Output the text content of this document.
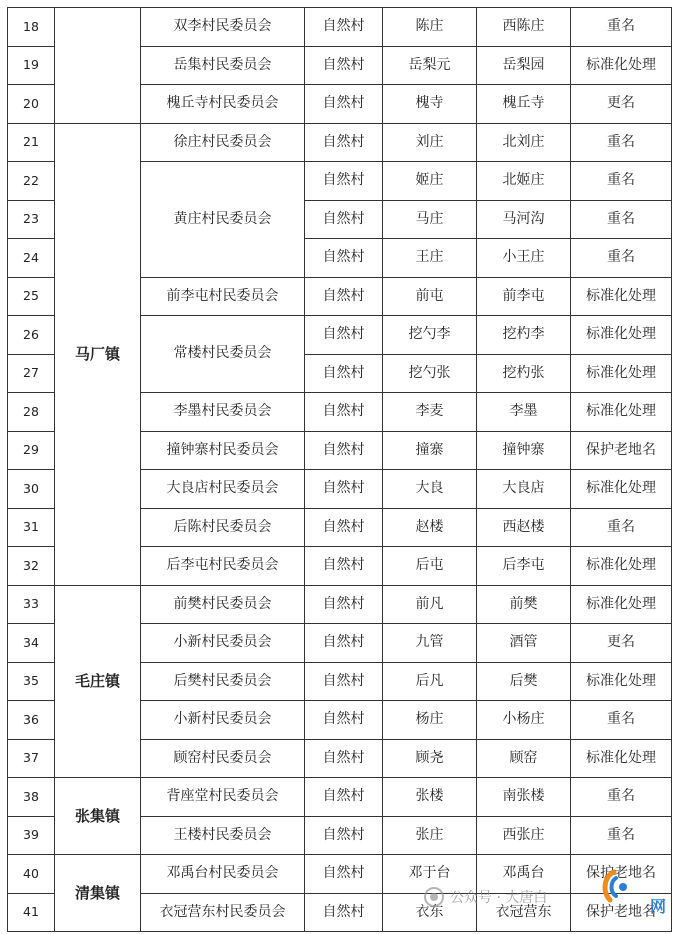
18		双李村民委员会	自然村	陈庄	西陈庄	重名
19		岳集村民委员会	自然村	岳梨元	岳梨园	标准化处理
20		槐丘寺村民委员会	自然村	槐寺	槐丘寺	更名
21	马厂镇	徐庄村民委员会	自然村	刘庄	北刘庄	重名
22		黄庄村民委员会	自然村	姬庄	北姬庄	重名
23			自然村	马庄	马河沟	重名
24			自然村	王庄	小王庄	重名
25		前李屯村民委员会	自然村	前屯	前李屯	标准化处理
26		常楼村民委员会	自然村	挖勺李	挖杓李	标准化处理
27			自然村	挖勺张	挖杓张	标准化处理
28		李墨村民委员会	自然村	李麦	李墨	标准化处理
29		撞钟寨村民委员会	自然村	撞寨	撞钟寨	保护老地名
30		大良店村民委员会	自然村	大良	大良店	标准化处理
31		后陈村民委员会	自然村	赵楼	西赵楼	重名
32		后李屯村民委员会	自然村	后屯	后李屯	标准化处理
33	毛庄镇	前樊村民委员会	自然村	前凡	前樊	标准化处理
34		小新村民委员会	自然村	九管	酒管	更名
35		后樊村民委员会	自然村	后凡	后樊	标准化处理
36		小新村民委员会	自然村	杨庄	小杨庄	重名
37		顾窑村民委员会	自然村	顾尧	顾窑	标准化处理
38	张集镇	背座堂村民委员会	自然村	张楼	南张楼	重名
39		王楼村民委员会	自然村	张庄	西张庄	重名
40	清集镇	邓禹台村民委员会	自然村	邓于台	邓禹台	保护老地名
41		衣冠营东村民委员会	自然村	衣东	衣冠营东	保护老地名
公众号 · 大唐白	网
